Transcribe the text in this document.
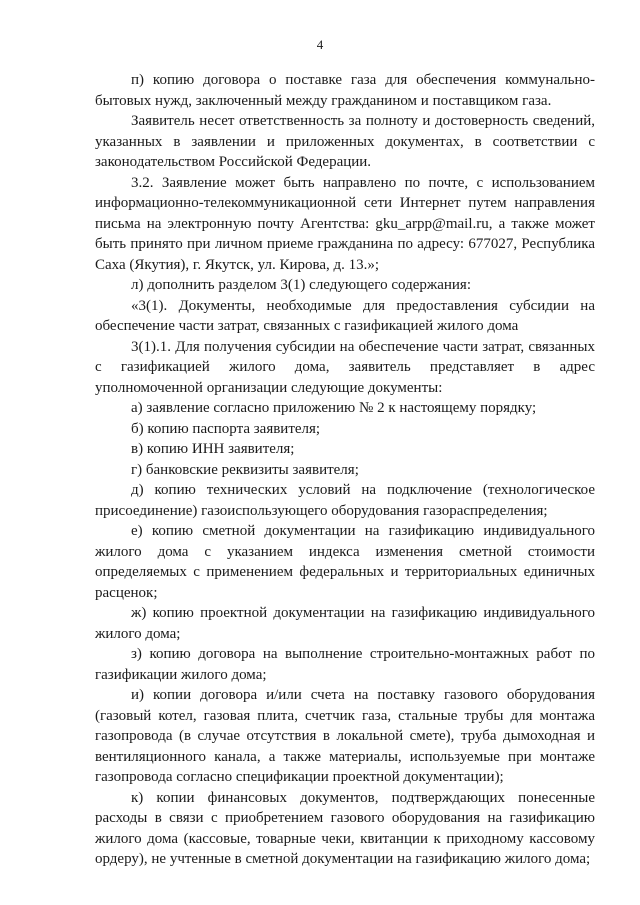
4

п) копию договора о поставке газа для обеспечения коммунально-бытовых нужд, заключенный между гражданином и поставщиком газа.

Заявитель несет ответственность за полноту и достоверность сведений, указанных в заявлении и приложенных документах, в соответствии с законодательством Российской Федерации.

3.2. Заявление может быть направлено по почте, с использованием информационно-телекоммуникационной сети Интернет путем направления письма на электронную почту Агентства: gku_arpp@mail.ru, а также может быть принято при личном приеме гражданина по адресу: 677027, Республика Саха (Якутия), г. Якутск, ул. Кирова, д. 13.»;

л) дополнить разделом 3(1) следующего содержания:

«3(1). Документы, необходимые для предоставления субсидии на обеспечение части затрат, связанных с газификацией жилого дома

3(1).1. Для получения субсидии на обеспечение части затрат, связанных с газификацией жилого дома, заявитель представляет в адрес уполномоченной организации следующие документы:

а) заявление согласно приложению № 2 к настоящему порядку;

б) копию паспорта заявителя;

в) копию ИНН заявителя;

г) банковские реквизиты заявителя;

д) копию технических условий на подключение (технологическое присоединение) газоиспользующего оборудования газораспределения;

е) копию сметной документации на газификацию индивидуального жилого дома с указанием индекса изменения сметной стоимости определяемых с применением федеральных и территориальных единичных расценок;

ж) копию проектной документации на газификацию индивидуального жилого дома;

з) копию договора на выполнение строительно-монтажных работ по газификации жилого дома;

и) копии договора и/или счета на поставку газового оборудования (газовый котел, газовая плита, счетчик газа, стальные трубы для монтажа газопровода (в случае отсутствия в локальной смете), труба дымоходная и вентиляционного канала, а также материалы, используемые при монтаже газопровода согласно спецификации проектной документации);

к) копии финансовых документов, подтверждающих понесенные расходы в связи с приобретением газового оборудования на газификацию жилого дома (кассовые, товарные чеки, квитанции к приходному кассовому ордеру), не учтенные в сметной документации на газификацию жилого дома;
